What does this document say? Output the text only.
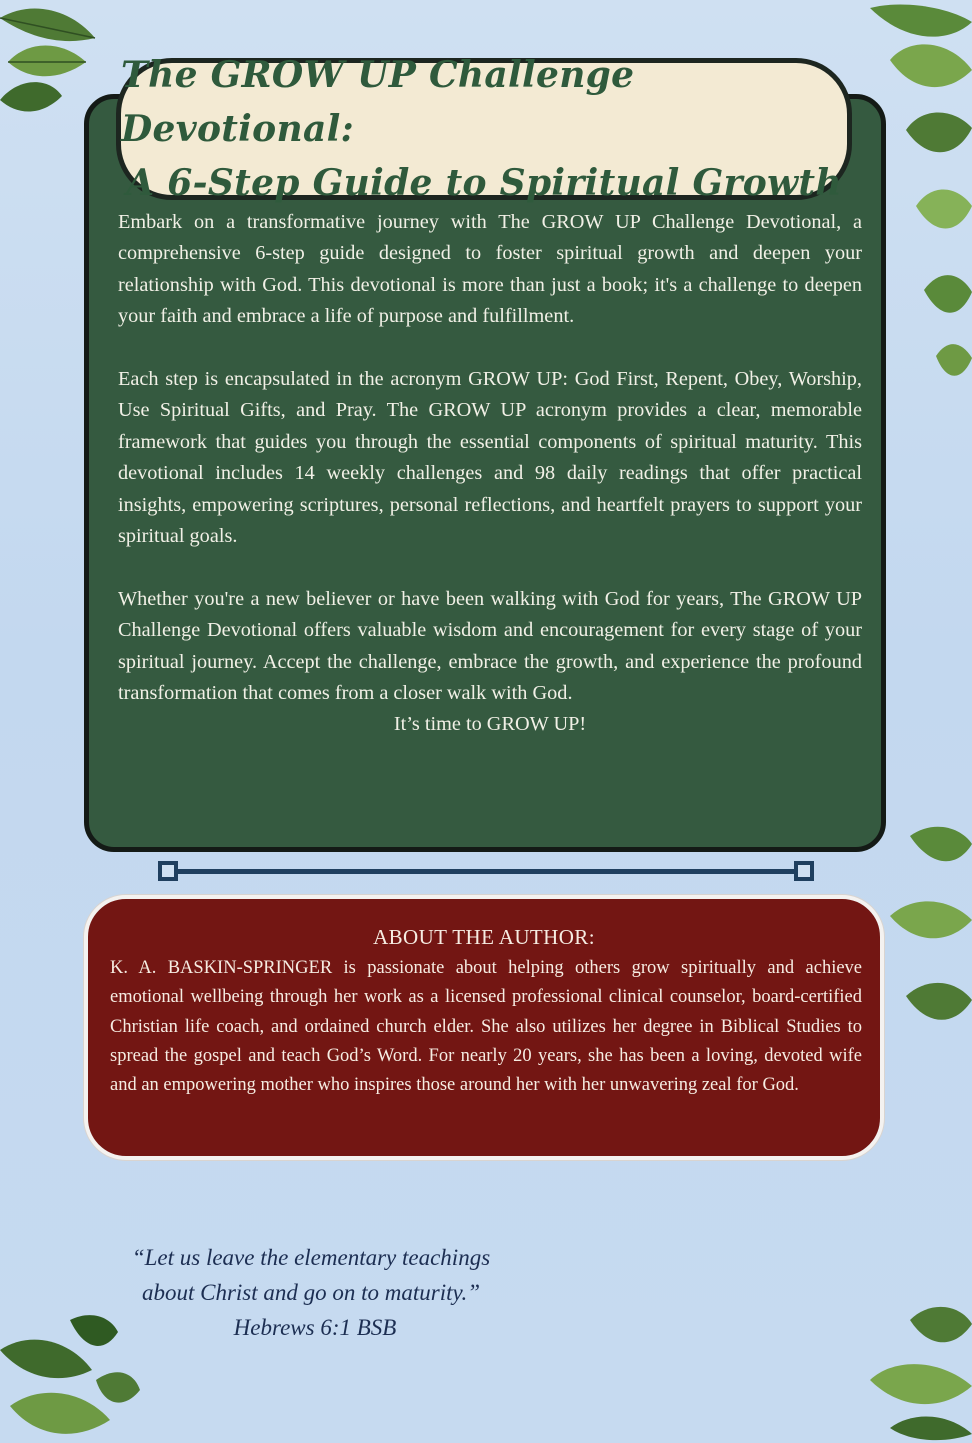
Embark on a transformative journey with The GROW UP Challenge Devotional, a comprehensive 6-step guide designed to foster spiritual growth and deepen your relationship with God. This devotional is more than just a book; it's a challenge to deepen your faith and embrace a life of purpose and fulfillment.

Each step is encapsulated in the acronym GROW UP: God First, Repent, Obey, Worship, Use Spiritual Gifts, and Pray. The GROW UP acronym provides a clear, memorable framework that guides you through the essential components of spiritual maturity. This devotional includes 14 weekly challenges and 98 daily readings that offer practical insights, empowering scriptures, personal reflections, and heartfelt prayers to support your spiritual goals.

Whether you're a new believer or have been walking with God for years, The GROW UP Challenge Devotional offers valuable wisdom and encouragement for every stage of your spiritual journey. Accept the challenge, embrace the growth, and experience the profound transformation that comes from a closer walk with God.

It’s time to GROW UP!

The GROW UP Challenge Devotional:
A 6-Step Guide to Spiritual Growth
ABOUT THE AUTHOR:
K. A. BASKIN-SPRINGER is passionate about helping others grow spiritually and achieve emotional wellbeing through her work as a licensed professional clinical counselor, board-certified Christian life coach, and ordained church elder. She also utilizes her degree in Biblical Studies to spread the gospel and teach God’s Word. For nearly 20 years, she has been a loving, devoted wife and an empowering mother who inspires those around her with her unwavering zeal for God.
“Let us leave the elementary teachings
about Christ and go on to maturity.”
Hebrews 6:1 BSB
